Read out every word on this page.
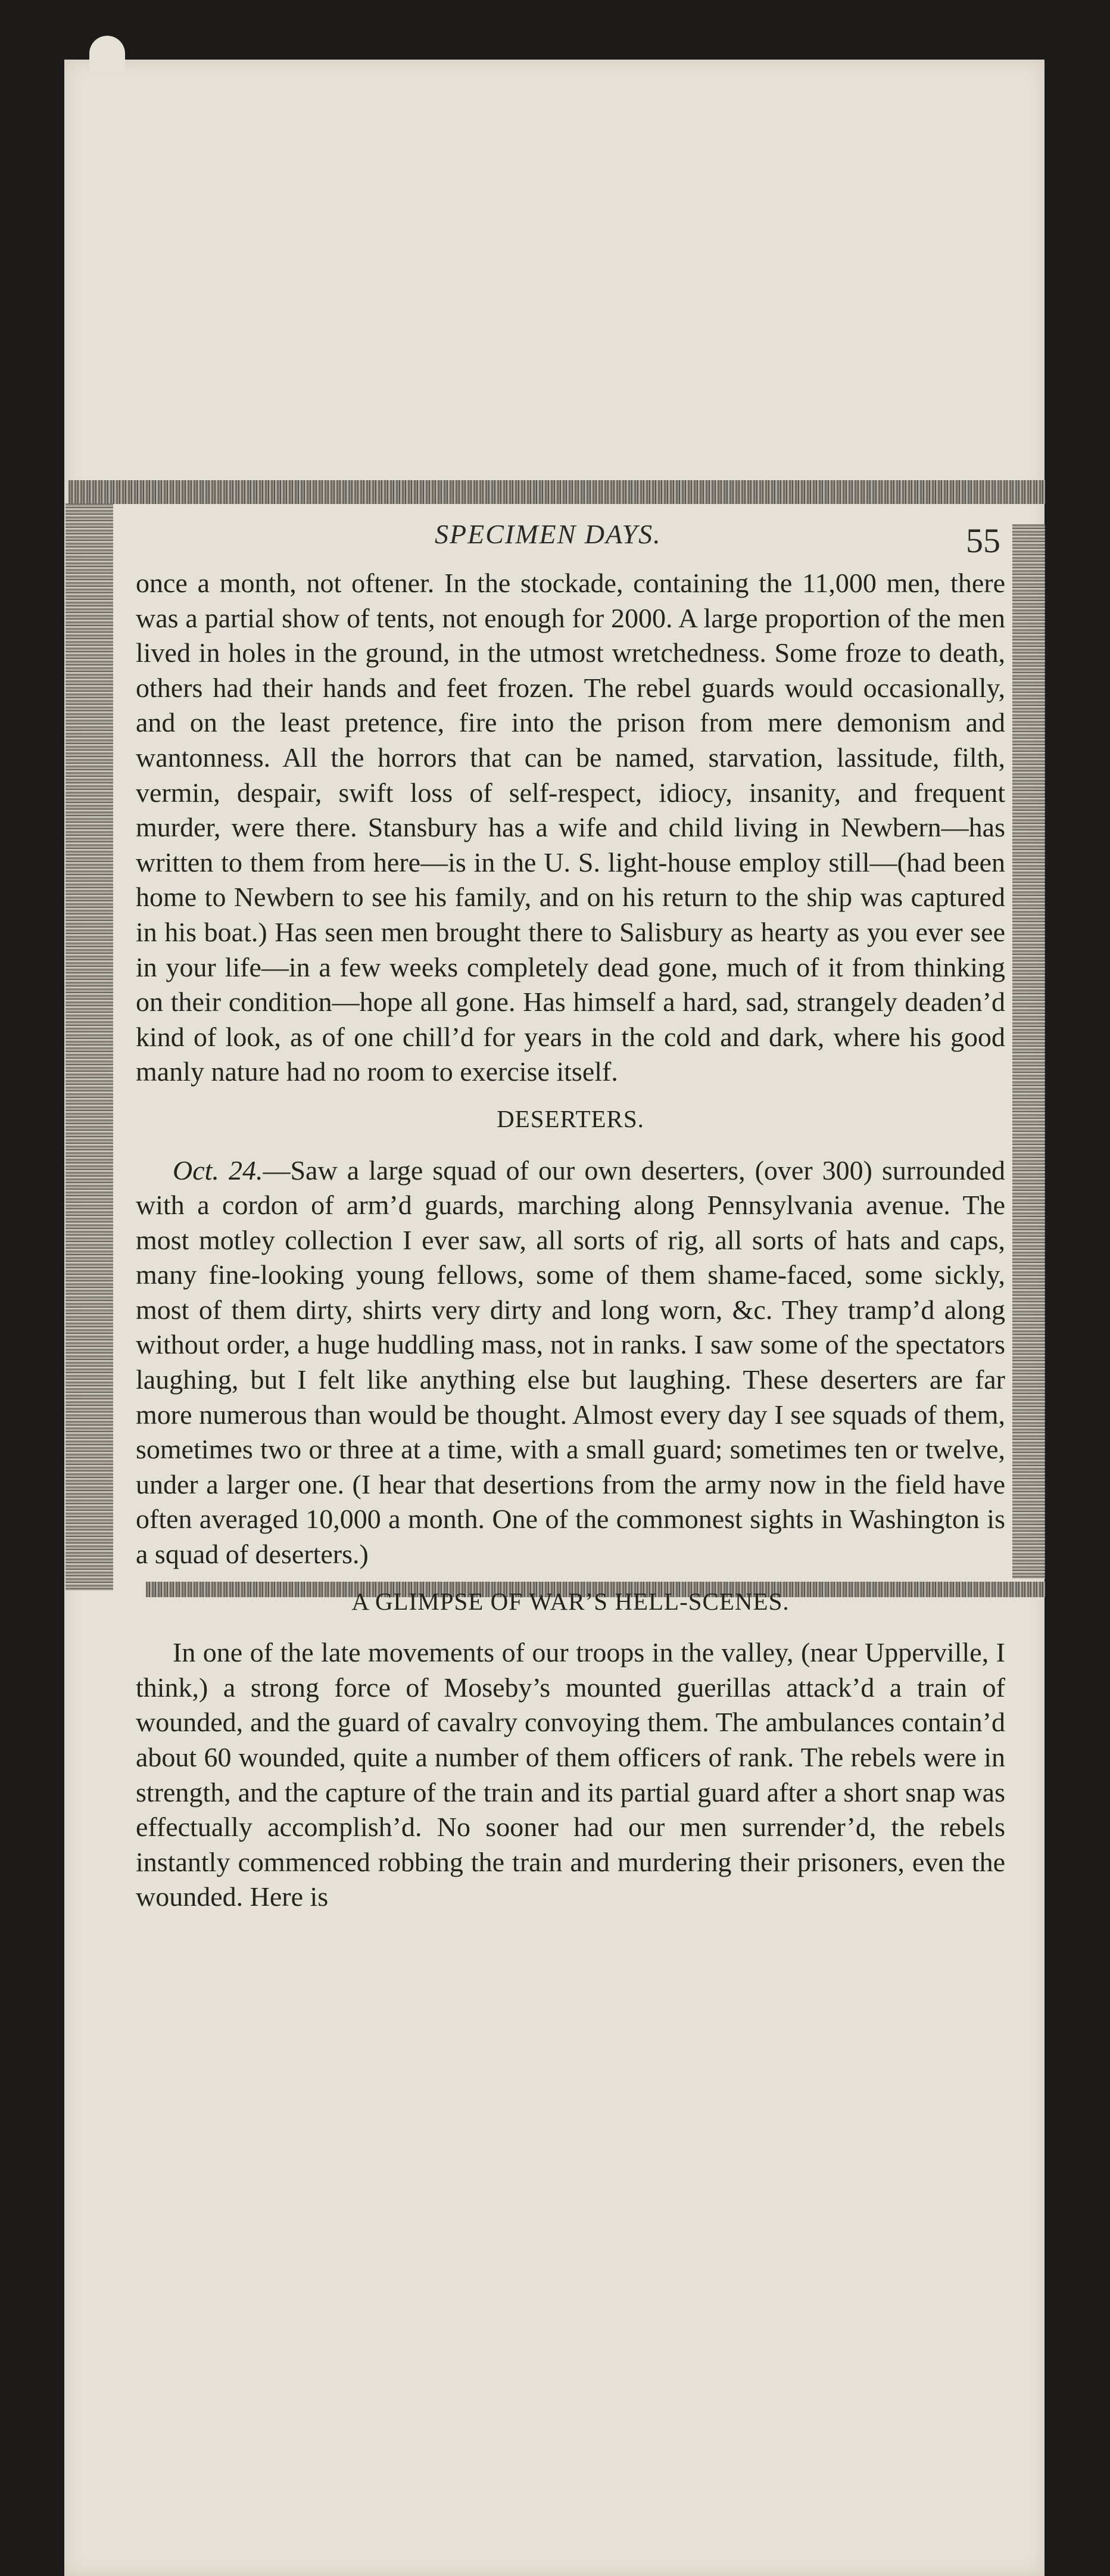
SPECIMEN DAYS.	55

once a month, not oftener. In the stockade, containing the 11,000 men, there was a partial show of tents, not enough for 2000. A large proportion of the men lived in holes in the ground, in the utmost wretchedness. Some froze to death, others had their hands and feet frozen. The rebel guards would occasionally, and on the least pretence, fire into the prison from mere demonism and wantonness. All the horrors that can be named, starvation, lassitude, filth, vermin, despair, swift loss of self-respect, idiocy, insanity, and frequent murder, were there. Stansbury has a wife and child living in Newbern—has written to them from here—is in the U. S. light-house employ still—(had been home to Newbern to see his family, and on his return to the ship was captured in his boat.) Has seen men brought there to Salisbury as hearty as you ever see in your life—in a few weeks completely dead gone, much of it from thinking on their condition—hope all gone. Has himself a hard, sad, strangely deaden’d kind of look, as of one chill’d for years in the cold and dark, where his good manly nature had no room to exercise itself.

DESERTERS.

Oct. 24.—Saw a large squad of our own deserters, (over 300) surrounded with a cordon of arm’d guards, marching along Pennsylvania avenue. The most motley collection I ever saw, all sorts of rig, all sorts of hats and caps, many fine-looking young fellows, some of them shame-faced, some sickly, most of them dirty, shirts very dirty and long worn, &c. They tramp’d along without order, a huge huddling mass, not in ranks. I saw some of the spectators laughing, but I felt like anything else but laughing. These deserters are far more numerous than would be thought. Almost every day I see squads of them, sometimes two or three at a time, with a small guard; sometimes ten or twelve, under a larger one. (I hear that desertions from the army now in the field have often averaged 10,000 a month. One of the commonest sights in Washington is a squad of deserters.)

A GLIMPSE OF WAR’S HELL-SCENES.

In one of the late movements of our troops in the valley, (near Upperville, I think,) a strong force of Moseby’s mounted guerillas attack’d a train of wounded, and the guard of cavalry convoying them. The ambulances contain’d about 60 wounded, quite a number of them officers of rank. The rebels were in strength, and the capture of the train and its partial guard after a short snap was effectually accomplish’d. No sooner had our men surrender’d, the rebels instantly commenced robbing the train and murdering their prisoners, even the wounded. Here is
